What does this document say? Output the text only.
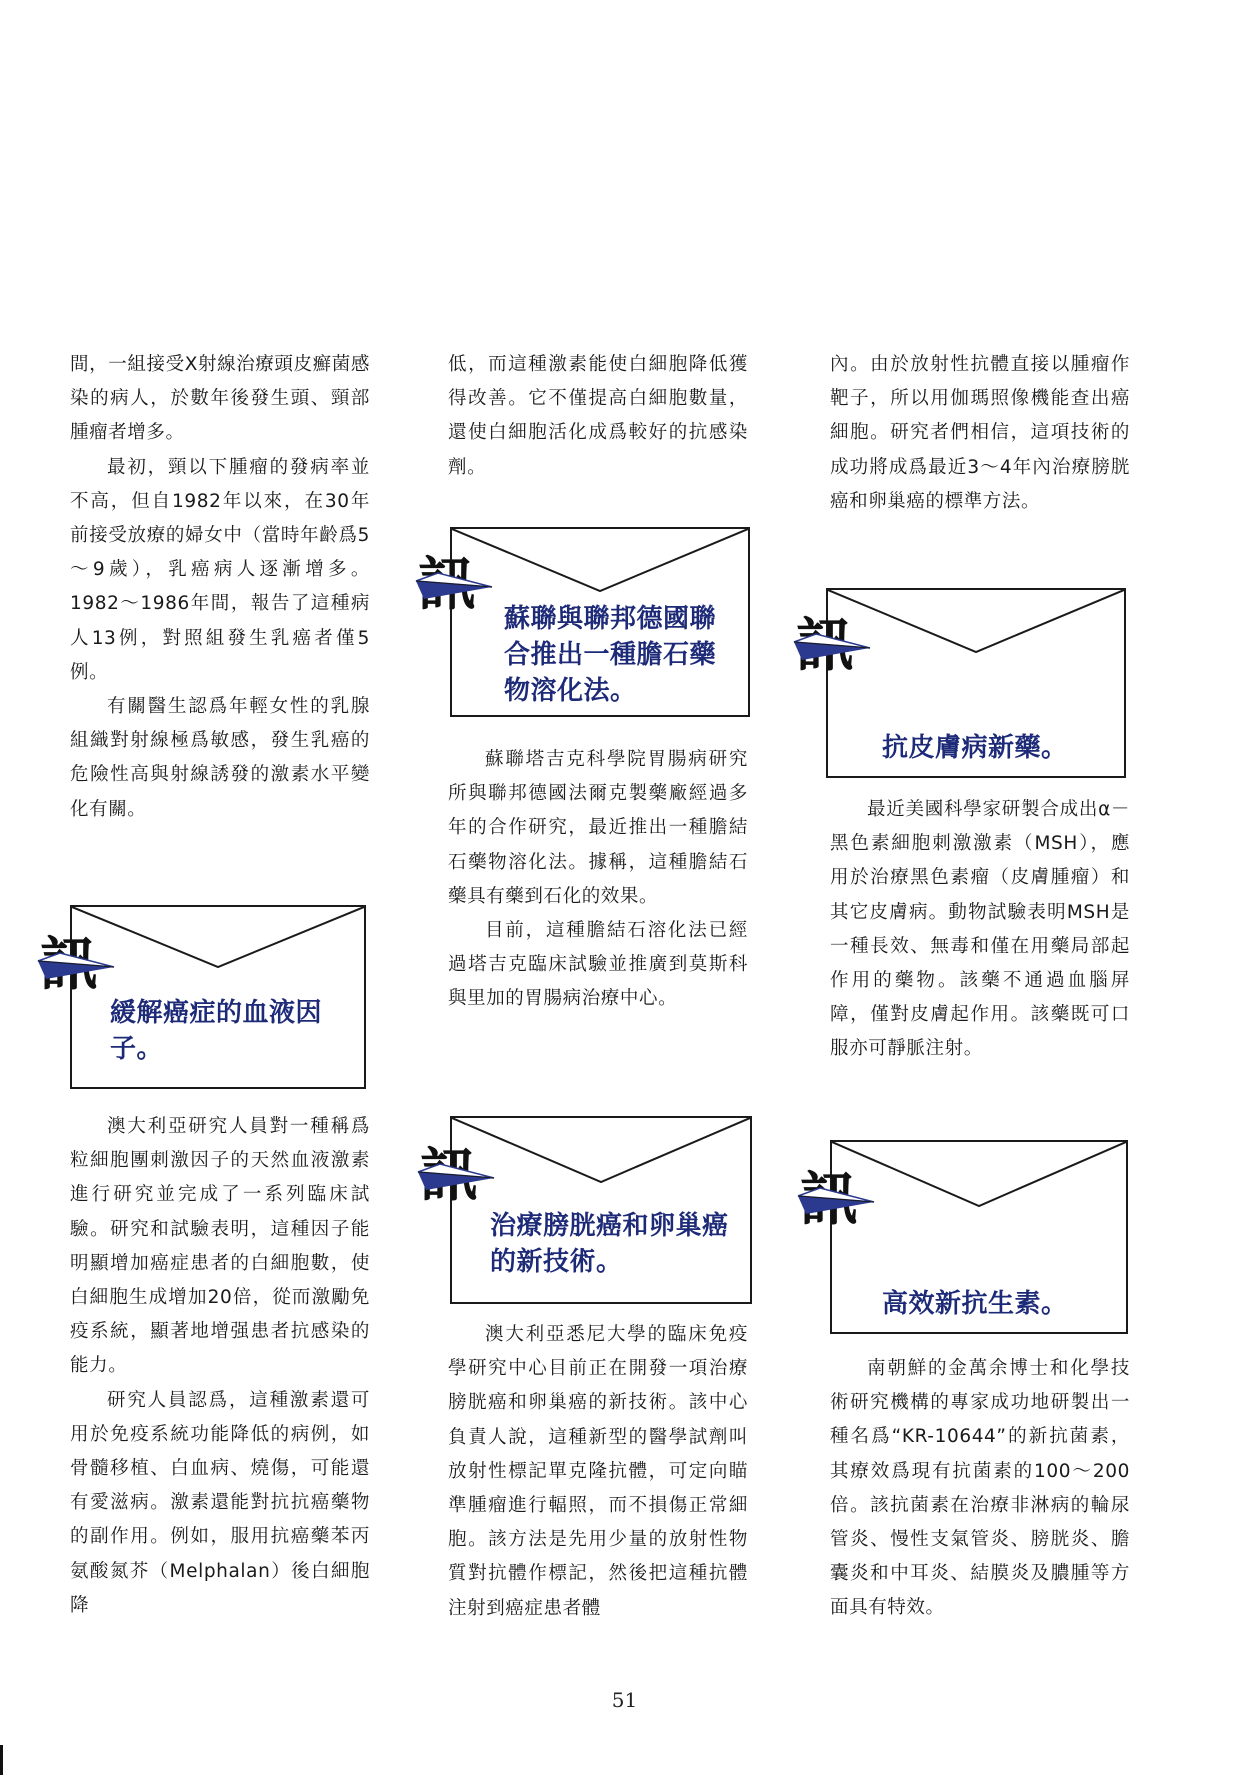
間，一組接受X射線治療頭皮癬菌感染的病人，於數年後發生頭、頸部腫瘤者增多。

最初，頸以下腫瘤的發病率並不高，但自1982年以來，在30年前接受放療的婦女中（當時年齡爲5～9歲），乳癌病人逐漸增多。1982～1986年間，報告了這種病人13例，對照組發生乳癌者僅5例。

有關醫生認爲年輕女性的乳腺組織對射線極爲敏感，發生乳癌的危險性高與射線誘發的激素水平變化有關。

緩解癌症的血液因子。

澳大利亞研究人員對一種稱爲粒細胞團刺激因子的天然血液激素進行研究並完成了一系列臨床試驗。研究和試驗表明，這種因子能明顯增加癌症患者的白細胞數，使白細胞生成增加20倍，從而激勵免疫系統，顯著地增强患者抗感染的能力。

研究人員認爲，這種激素還可用於免疫系統功能降低的病例，如骨髓移植、白血病、燒傷，可能還有愛滋病。激素還能對抗抗癌藥物的副作用。例如，服用抗癌藥苯丙氨酸氮芥（Melphalan）後白細胞降

低，而這種激素能使白細胞降低獲得改善。它不僅提高白細胞數量，還使白細胞活化成爲較好的抗感染劑。

蘇聯與聯邦德國聯合推出一種膽石藥物溶化法。

蘇聯塔吉克科學院胃腸病研究所與聯邦德國法爾克製藥廠經過多年的合作研究，最近推出一種膽結石藥物溶化法。據稱，這種膽結石藥具有藥到石化的效果。

目前，這種膽結石溶化法已經過塔吉克臨床試驗並推廣到莫斯科與里加的胃腸病治療中心。

治療膀胱癌和卵巢癌的新技術。

澳大利亞悉尼大學的臨床免疫學研究中心目前正在開發一項治療膀胱癌和卵巢癌的新技術。該中心負責人說，這種新型的醫學試劑叫放射性標記單克隆抗體，可定向瞄準腫瘤進行輻照，而不損傷正常細胞。該方法是先用少量的放射性物質對抗體作標記，然後把這種抗體注射到癌症患者體

內。由於放射性抗體直接以腫瘤作靶子，所以用伽瑪照像機能查出癌細胞。研究者們相信，這項技術的成功將成爲最近3～4年內治療膀胱癌和卵巢癌的標準方法。

抗皮膚病新藥。

最近美國科學家研製合成出α－黑色素細胞刺激激素（MSH），應用於治療黑色素瘤（皮膚腫瘤）和其它皮膚病。動物試驗表明MSH是一種長效、無毒和僅在用藥局部起作用的藥物。該藥不通過血腦屏障，僅對皮膚起作用。該藥既可口服亦可靜脈注射。

高效新抗生素。

南朝鮮的金萬余博士和化學技術研究機構的專家成功地研製出一種名爲“KR-10644”的新抗菌素，其療效爲現有抗菌素的100～200倍。該抗菌素在治療非淋病的輪尿管炎、慢性支氣管炎、膀胱炎、膽囊炎和中耳炎、結膜炎及膿腫等方面具有特效。

51
